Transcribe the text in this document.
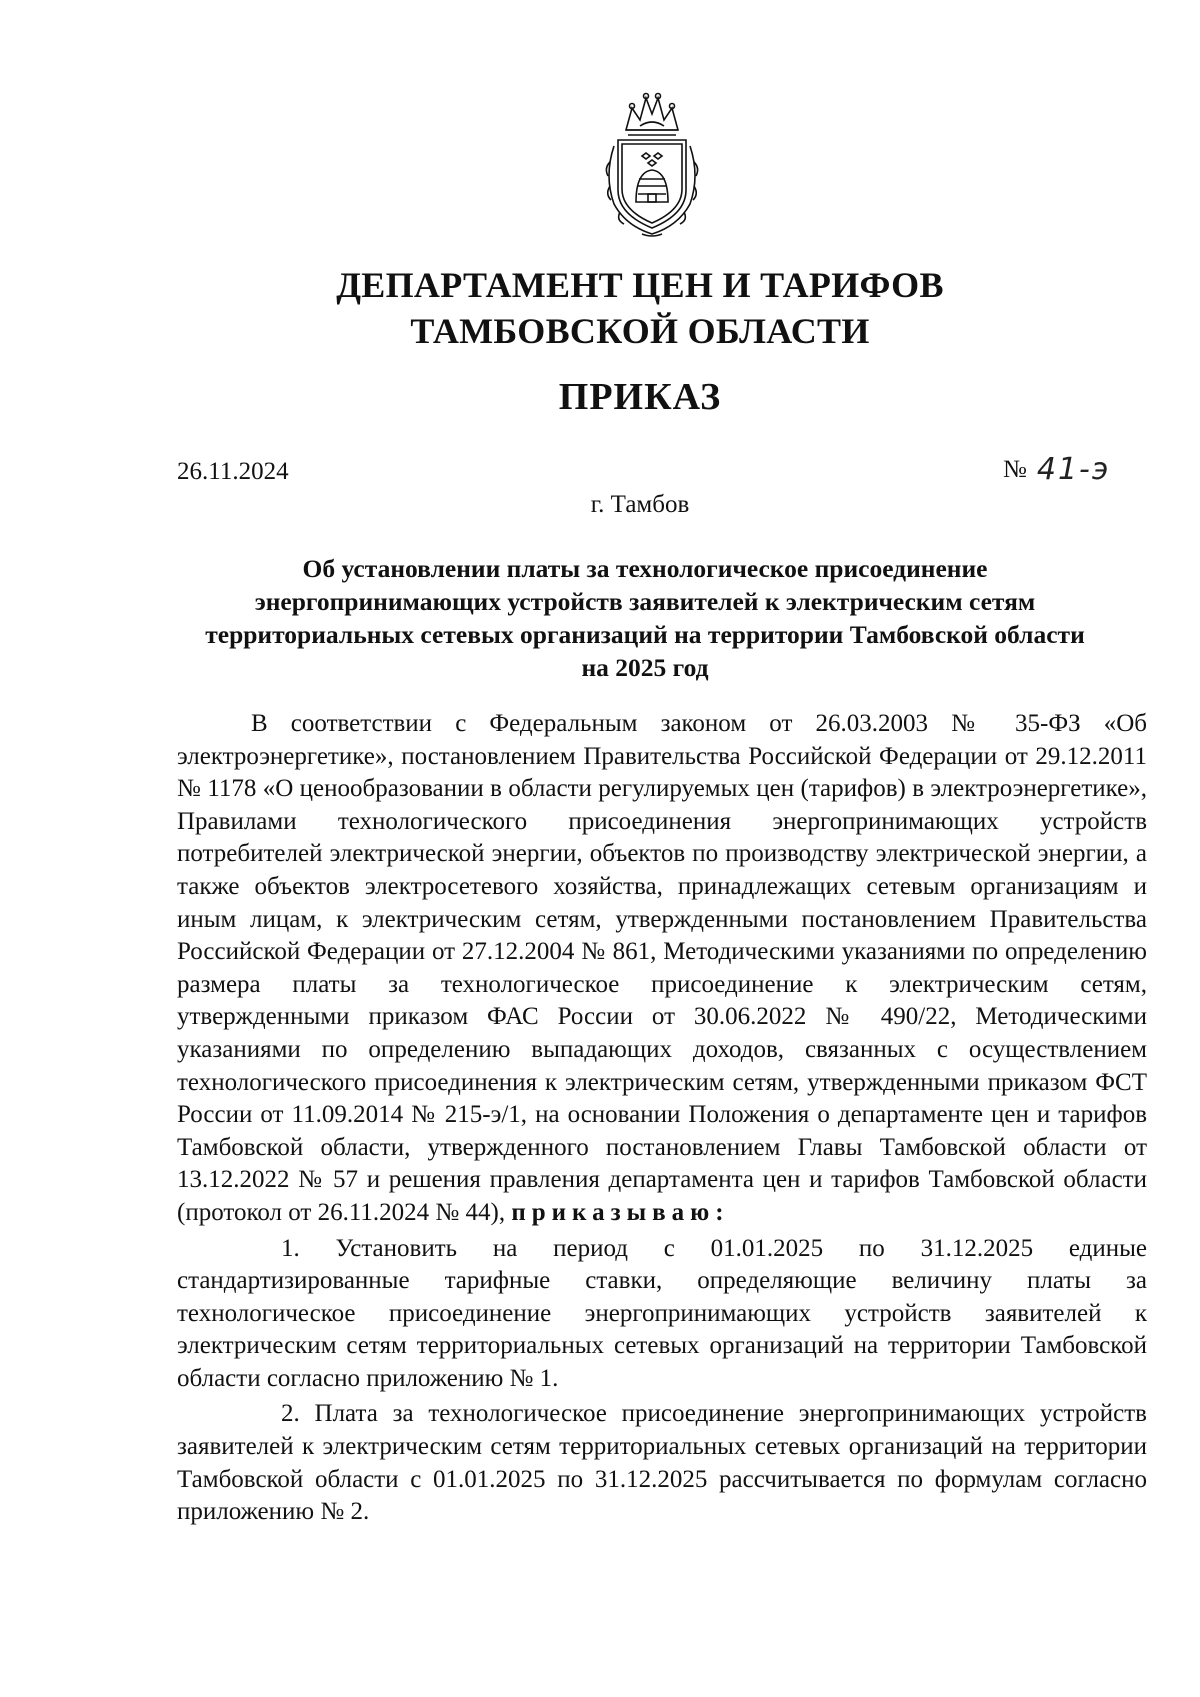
ДЕПАРТАМЕНТ ЦЕН И ТАРИФОВ
ТАМБОВСКОЙ ОБЛАСТИ
ПРИКАЗ
26.11.2024	№ 41-э
г. Тамбов
Об установлении платы за технологическое присоединение
энергопринимающих устройств заявителей к электрическим сетям
территориальных сетевых организаций на территории Тамбовской области
на 2025 год

В соответствии с Федеральным законом от 26.03.2003 № 35-ФЗ «Об электроэнергетике», постановлением Правительства Российской Федерации от 29.12.2011 № 1178 «О ценообразовании в области регулируемых цен (тарифов) в электроэнергетике», Правилами технологического присоединения энергопринимающих устройств потребителей электрической энергии, объектов по производству электрической энергии, а также объектов электросетевого хозяйства, принадлежащих сетевым организациям и иным лицам, к электрическим сетям, утвержденными постановлением Правительства Российской Федерации от 27.12.2004 № 861, Методическими указаниями по определению размера платы за технологическое присоединение к электрическим сетям, утвержденными приказом ФАС России от 30.06.2022 № 490/22, Методическими указаниями по определению выпадающих доходов, связанных с осуществлением технологического присоединения к электрическим сетям, утвержденными приказом ФСТ России от 11.09.2014 № 215-э/1, на основании Положения о департаменте цен и тарифов Тамбовской области, утвержденного постановлением Главы Тамбовской области от 13.12.2022 № 57 и решения правления департамента цен и тарифов Тамбовской области (протокол от 26.11.2024 № 44), приказываю:

1. Установить на период с 01.01.2025 по 31.12.2025 единые стандартизированные тарифные ставки, определяющие величину платы за технологическое присоединение энергопринимающих устройств заявителей к электрическим сетям территориальных сетевых организаций на территории Тамбовской области согласно приложению № 1.

2. Плата за технологическое присоединение энергопринимающих устройств заявителей к электрическим сетям территориальных сетевых организаций на территории Тамбовской области с 01.01.2025 по 31.12.2025 рассчитывается по формулам согласно приложению № 2.
